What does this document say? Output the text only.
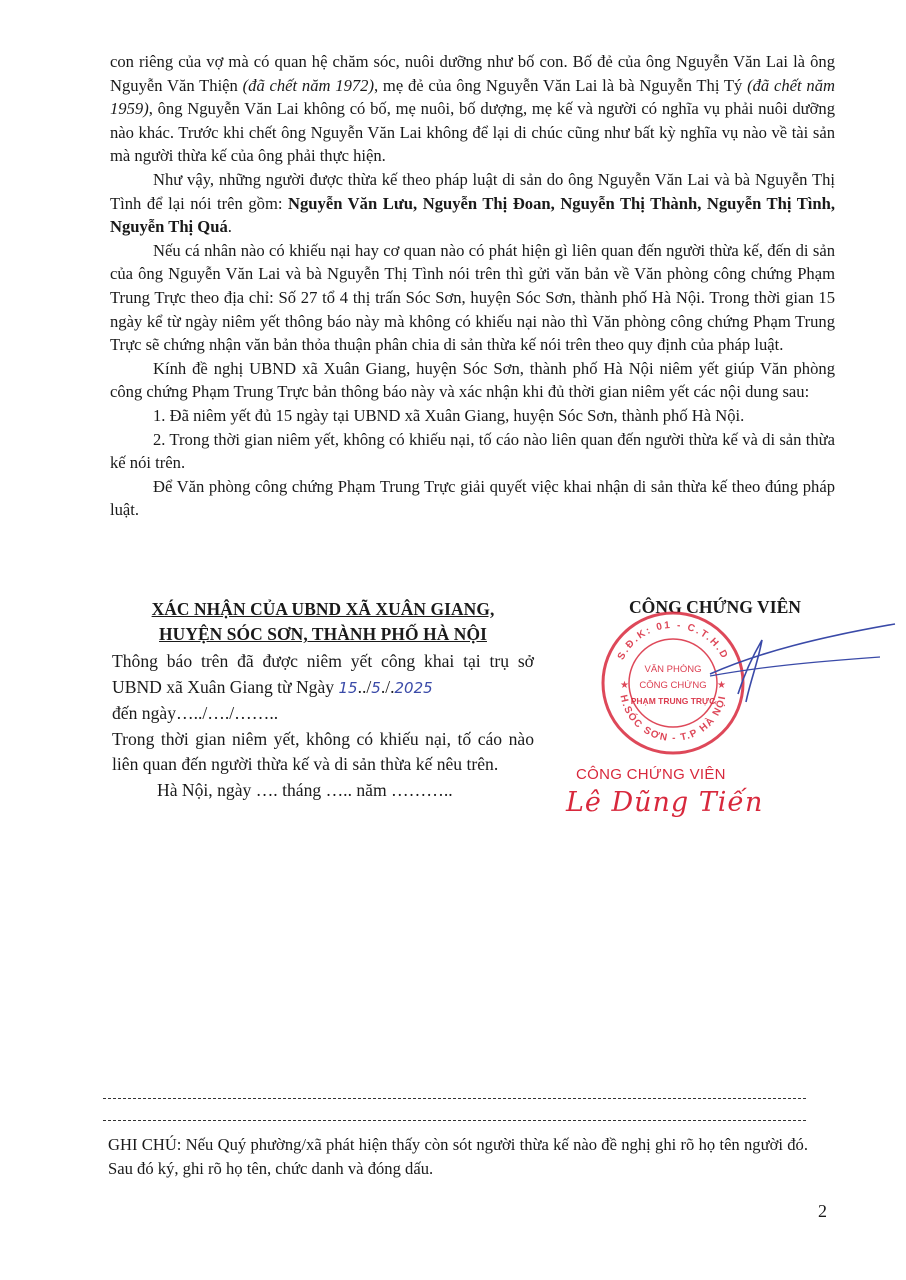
con riêng của vợ mà có quan hệ chăm sóc, nuôi dưỡng như bố con. Bố đẻ của ông Nguyễn Văn Lai là ông Nguyễn Văn Thiện (đã chết năm 1972), mẹ đẻ của ông Nguyễn Văn Lai là bà Nguyễn Thị Tý (đã chết năm 1959), ông Nguyễn Văn Lai không có bố, mẹ nuôi, bố dượng, mẹ kế và người có nghĩa vụ phải nuôi dưỡng nào khác. Trước khi chết ông Nguyễn Văn Lai không để lại di chúc cũng như bất kỳ nghĩa vụ nào về tài sản mà người thừa kế của ông phải thực hiện.

Như vậy, những người được thừa kế theo pháp luật di sản do ông Nguyễn Văn Lai và bà Nguyễn Thị Tình để lại nói trên gồm: Nguyễn Văn Lưu, Nguyễn Thị Đoan, Nguyễn Thị Thành, Nguyễn Thị Tình, Nguyễn Thị Quá.

Nếu cá nhân nào có khiếu nại hay cơ quan nào có phát hiện gì liên quan đến người thừa kế, đến di sản của ông Nguyễn Văn Lai và bà Nguyễn Thị Tình nói trên thì gửi văn bản về Văn phòng công chứng Phạm Trung Trực theo địa chỉ: Số 27 tổ 4 thị trấn Sóc Sơn, huyện Sóc Sơn, thành phố Hà Nội. Trong thời gian 15 ngày kể từ ngày niêm yết thông báo này mà không có khiếu nại nào thì Văn phòng công chứng Phạm Trung Trực sẽ chứng nhận văn bản thỏa thuận phân chia di sản thừa kế nói trên theo quy định của pháp luật.

Kính đề nghị UBND xã Xuân Giang, huyện Sóc Sơn, thành phố Hà Nội niêm yết giúp Văn phòng công chứng Phạm Trung Trực bản thông báo này và xác nhận khi đủ thời gian niêm yết các nội dung sau:

1. Đã niêm yết đủ 15 ngày tại UBND xã Xuân Giang, huyện Sóc Sơn, thành phố Hà Nội.

2. Trong thời gian niêm yết, không có khiếu nại, tố cáo nào liên quan đến người thừa kế và di sản thừa kế nói trên.

Để Văn phòng công chứng Phạm Trung Trực giải quyết việc khai nhận di sản thừa kế theo đúng pháp luật.

XÁC NHẬN CỦA UBND XÃ XUÂN GIANG,
HUYỆN SÓC SƠN, THÀNH PHỐ HÀ NỘI

Thông báo trên đã được niêm yết công khai tại trụ sở UBND xã Xuân Giang từ Ngày 15../5./.2025

đến ngày…../…./……..

Trong thời gian niêm yết, không có khiếu nại, tố cáo nào liên quan đến người thừa kế và di sản thừa kế nêu trên.

Hà Nội, ngày …. tháng ….. năm ………..

CÔNG CHỨNG VIÊN
S.Đ.K: 01 - C.T.H.D
H.SÓC SƠN - T.P HÀ NỘI
★	★
VĂN PHÒNG
CÔNG CHỨNG
PHẠM TRUNG TRỰC
CÔNG CHỨNG VIÊN
Lê Dũng Tiến
GHI CHÚ: Nếu Quý phường/xã phát hiện thấy còn sót người thừa kế nào đề nghị ghi rõ họ tên người đó. Sau đó ký, ghi rõ họ tên, chức danh và đóng dấu.
2
